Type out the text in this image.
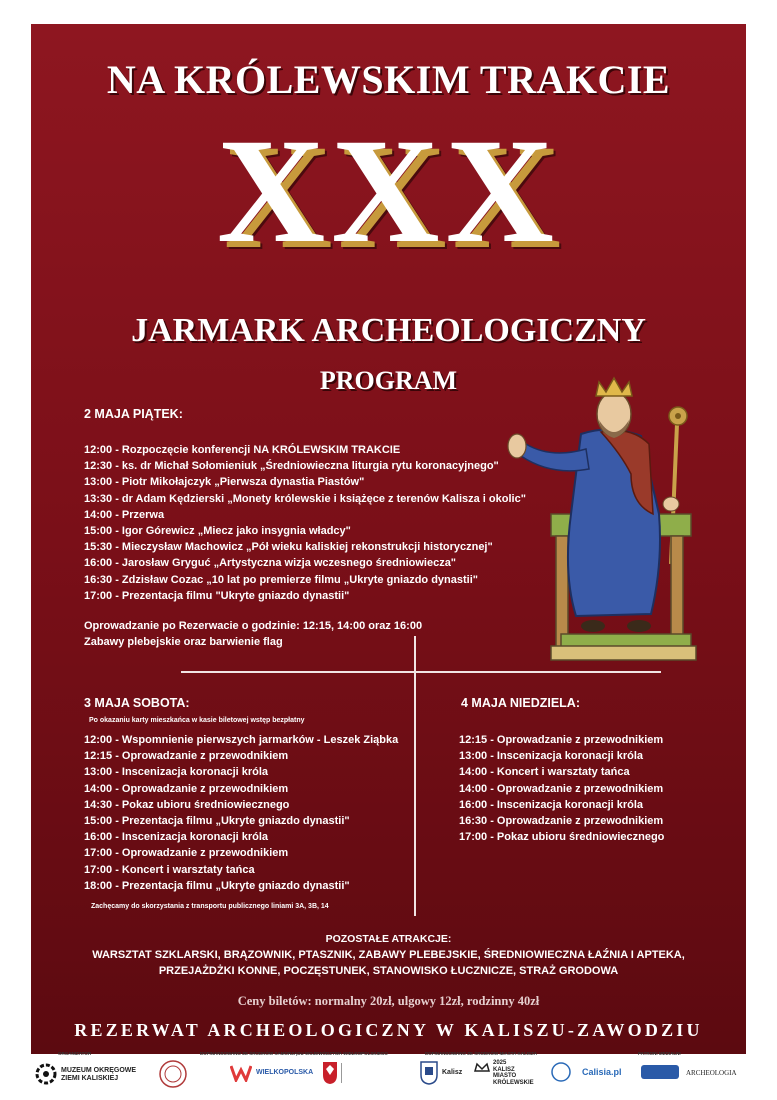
NA KRÓLEWSKIM TRAKCIE
XXX
JARMARK ARCHEOLOGICZNY
PROGRAM
2 MAJA PIĄTEK:
12:00 - Rozpoczęcie konferencji NA KRÓLEWSKIM TRAKCIE
12:30 - ks. dr Michał Sołomieniuk „Średniowieczna liturgia rytu koronacyjnego"
13:00 - Piotr Mikołajczyk „Pierwsza dynastia Piastów"
13:30 - dr Adam Kędzierski „Monety królewskie i książęce z terenów Kalisza i okolic"
14:00 - Przerwa
15:00 - Igor Górewicz „Miecz jako insygnia władcy"
15:30 - Mieczysław Machowicz „Pół wieku kaliskiej rekonstrukcji historycznej"
16:00 - Jarosław Gryguć „Artystyczna wizja wczesnego średniowiecza"
16:30 - Zdzisław Cozac „10 lat po premierze filmu „Ukryte gniazdo dynastii"
17:00 - Prezentacja filmu "Ukryte gniazdo dynastii"
Oprowadzanie po Rezerwacie o godzinie: 12:15, 14:00 oraz 16:00
Zabawy plebejskie oraz barwienie flag
3 MAJA SOBOTA:
Po okazaniu karty mieszkańca w kasie biletowej wstęp bezpłatny
12:00 - Wspomnienie pierwszych jarmarków - Leszek Ziąbka
12:15 - Oprowadzanie z przewodnikiem
13:00 - Inscenizacja koronacji króla
14:00 - Oprowadzanie z przewodnikiem
14:30 - Pokaz ubioru średniowiecznego
15:00 - Prezentacja filmu „Ukryte gniazdo dynastii"
16:00 - Inscenizacja koronacji króla
17:00 - Oprowadzanie z przewodnikiem
17:00 - Koncert i warsztaty tańca
18:00 - Prezentacja filmu „Ukryte gniazdo dynastii"
Zachęcamy do skorzystania z transportu publicznego liniami 3A, 3B, 14
4 MAJA NIEDZIELA:
12:15 - Oprowadzanie z przewodnikiem
13:00 - Inscenizacja koronacji króla
14:00 - Koncert i warsztaty tańca
14:00 - Oprowadzanie z przewodnikiem
16:00 - Inscenizacja koronacji króla
16:30 - Oprowadzanie z przewodnikiem
17:00 - Pokaz ubioru średniowiecznego
POZOSTAŁE ATRAKCJE:
WARSZTAT SZKLARSKI, BRĄZOWNIK, PTASZNIK, ZABAWY PLEBEJSKIE, ŚREDNIOWIECZNA ŁAŹNIA I APTEKA,
PRZEJAŻDŻKI KONNE, POCZĘSTUNEK, STANOWISKO ŁUCZNICZE, STRAŻ GRODOWA
Ceny biletów: normalny 20zł, ulgowy 12zł, rodzinny 40zł
REZERWAT ARCHEOLOGICZNY W KALISZU-ZAWODZIU
ORGANIZATOR	DOFINANSOWANO ZE ŚRODKÓW SAMORZĄDU WOJEWÓDZTWA WIELKOPOLSKIEGO	DOFINANSOWANO ZE ŚRODKÓW MIASTA KALISZA	PATRONI MEDIALNI
MUZEUM OKRĘGOWE
ZIEMI KALISKIEJ
WIELKOPOLSKA	Kalisz
2025
KALISZ
MIASTO
KRÓLEWSKIE
Calisia.pl	ARCHEOLOGIA
